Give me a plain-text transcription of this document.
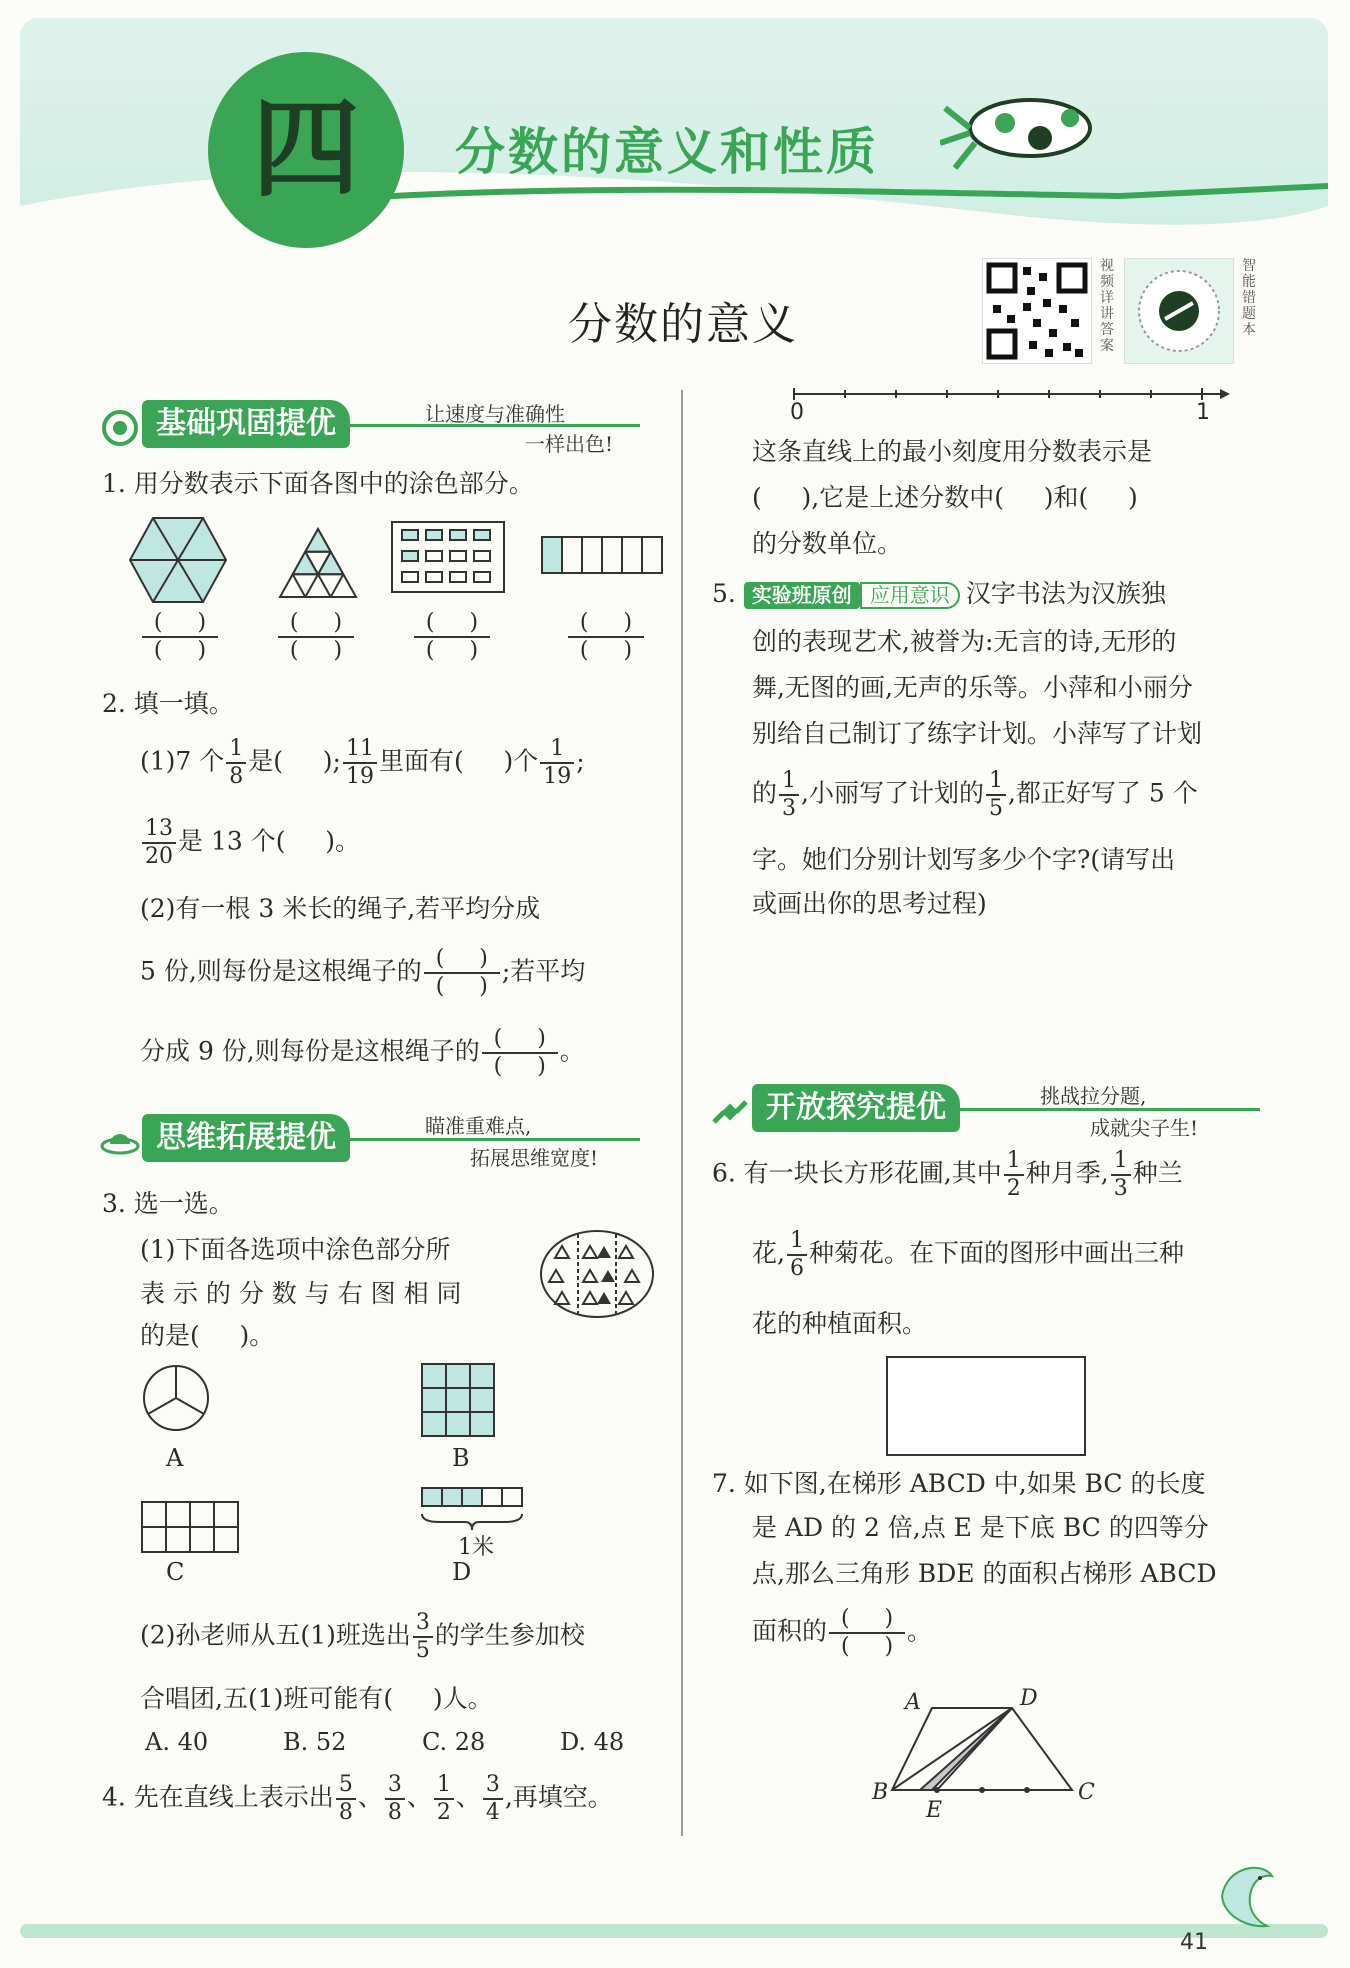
四	分数的意义和性质
分数的意义
视
频
详
讲
答
案
智
能
错
题
本
基础巩固提优	让速度与准确性
一样出色!
1. 用分数表示下面各图中的涂色部分。
$\frac{( )}{( )}$	$\frac{( )}{( )}$	$\frac{( )}{( )}$	$\frac{( )}{( )}$
2. 填一填。
(1)7 个 $\frac{1}{8}$ 是( ); $\frac{11}{19}$ 里面有( )个 $\frac{1}{19}$ ;
$\frac{13}{20}$ 是 13 个( )。
(2)有一根 3 米长的绳子,若平均分成
5 份,则每份是这根绳子的 $\frac{( )}{( )}$ ;若平均
分成 9 份,则每份是这根绳子的 $\frac{( )}{( )}$ 。
思维拓展提优	瞄准重难点,
拓展思维宽度!
3. 选一选。
(1)下面各选项中涂色部分所
表 示 的 分 数 与 右 图 相 同
的是( )。
A	B
C
1米
D
(2)孙老师从五(1)班选出 $\frac{3}{5}$ 的学生参加校
合唱团,五(1)班可能有( )人。
A. 40	B. 52	C. 28	D. 48
4. 先在直线上表示出 $\frac{5}{8}$ 、 $\frac{3}{8}$ 、 $\frac{1}{2}$ 、 $\frac{3}{4}$ ,再填空。
0	1
这条直线上的最小刻度用分数表示是
( ),它是上述分数中( )和( )
的分数单位。
5. 实验班原创 应用意识 汉字书法为汉族独
创的表现艺术,被誉为:无言的诗,无形的
舞,无图的画,无声的乐等。小萍和小丽分
别给自己制订了练字计划。小萍写了计划
的 $\frac{1}{3}$ ,小丽写了计划的 $\frac{1}{5}$ ,都正好写了 5 个
字。她们分别计划写多少个字?(请写出
或画出你的思考过程)
开放探究提优	挑战拉分题,
成就尖子生!
6. 有一块长方形花圃,其中 $\frac{1}{2}$ 种月季, $\frac{1}{3}$ 种兰
花, $\frac{1}{6}$ 种菊花。在下面的图形中画出三种
花的种植面积。
7. 如下图,在梯形 ABCD 中,如果 BC 的长度
是 AD 的 2 倍,点 E 是下底 BC 的四等分
点,那么三角形 BDE 的面积占梯形 ABCD
面积的 $\frac{( )}{( )}$ 。
A	D
B	C
E
41
